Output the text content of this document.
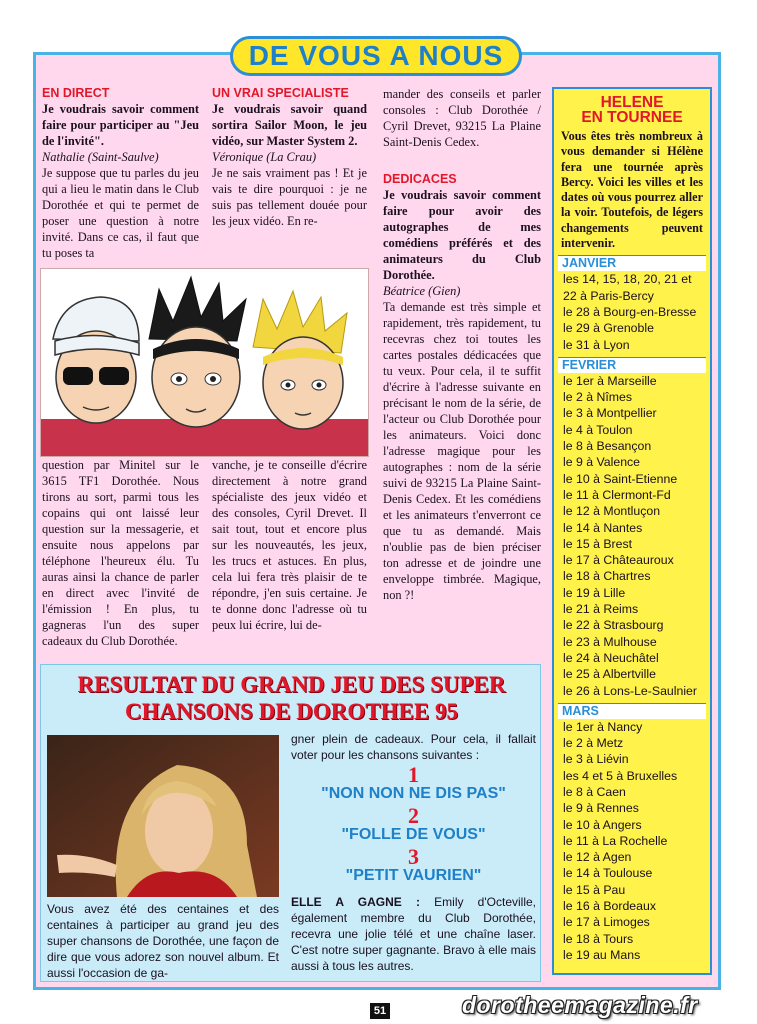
DE VOUS A NOUS

EN DIRECT

Je voudrais savoir comment faire pour participer au "Jeu de l'invité".

Nathalie (Saint-Saulve)

Je suppose que tu parles du jeu qui a lieu le matin dans le Club Dorothée et qui te permet de poser une question à notre invité. Dans ce cas, il faut que tu poses ta

UN VRAI SPECIALISTE

Je voudrais savoir quand sortira Sailor Moon, le jeu vidéo, sur Master System 2.

Véronique (La Crau)

Je ne sais vraiment pas ! Et je vais te dire pourquoi : je ne suis pas tellement douée pour les jeux vidéo. En re-

question par Minitel sur le 3615 TF1 Dorothée. Nous tirons au sort, parmi tous les copains qui ont laissé leur question sur la messagerie, et ensuite nous appelons par téléphone l'heureux élu. Tu auras ainsi la chance de parler en direct avec l'invité de l'émission ! En plus, tu gagneras l'un des super cadeaux du Club Dorothée.

vanche, je te conseille d'écrire directement à notre grand spécialiste des jeux vidéo et des consoles, Cyril Drevet. Il sait tout, tout et encore plus sur les nouveautés, les jeux, les trucs et astuces. En plus, cela lui fera très plaisir de te répondre, j'en suis certaine. Je te donne donc l'adresse où tu peux lui écrire, lui de-

mander des conseils et parler consoles : Club Dorothée / Cyril Drevet, 93215 La Plaine Saint-Denis Cedex.

DEDICACES

Je voudrais savoir comment faire pour avoir des autographes de mes comédiens préférés et des animateurs du Club Dorothée.

Béatrice (Gien)

Ta demande est très simple et rapidement, très rapidement, tu recevras chez toi toutes les cartes postales dédicacées que tu veux. Pour cela, il te suffit d'écrire à l'adresse suivante en précisant le nom de la série, de l'acteur ou Club Dorothée pour les animateurs. Voici donc l'adresse magique pour les autographes : nom de la série suivi de 93215 La Plaine Saint-Denis Cedex. Et les comédiens et les animateurs t'enverront ce que tu as demandé. Mais n'oublie pas de bien préciser ton adresse et de joindre une enveloppe timbrée. Magique, non ?!

HELENE
EN TOURNEE
Vous êtes très nombreux à vous demander si Hélène fera une tournée après Bercy. Voici les villes et les dates où vous pourrez aller la voir. Toutefois, de légers changements peuvent intervenir.
JANVIER
les 14, 15, 18, 20, 21 et
22 à Paris-Bercy
le 28 à Bourg-en-Bresse
le 29 à Grenoble
le 31 à Lyon
FEVRIER
le 1er à Marseille
le 2 à Nîmes
le 3 à Montpellier
le 4 à Toulon
le 8 à Besançon
le 9 à Valence
le 10 à Saint-Etienne
le 11 à Clermont-Fd
le 12 à Montluçon
le 14 à Nantes
le 15 à Brest
le 17 à Châteauroux
le 18 à Chartres
le 19 à Lille
le 21 à Reims
le 22 à Strasbourg
le 23 à Mulhouse
le 24 à Neuchâtel
le 25 à Albertville
le 26 à Lons-Le-Saulnier
MARS
le 1er à Nancy
le 2 à Metz
le 3 à Liévin
les 4 et 5 à Bruxelles
le 8 à Caen
le 9 à Rennes
le 10 à Angers
le 11 à La Rochelle
le 12 à Agen
le 14 à Toulouse
le 15 à Pau
le 16 à Bordeaux
le 17 à Limoges
le 18 à Tours
le 19 au Mans
RESULTAT DU GRAND JEU DES SUPER
CHANSONS DE DOROTHEE 95
Vous avez été des centaines et des centaines à participer au grand jeu des super chansons de Dorothée, une façon de dire que vous adorez son nouvel album. Et aussi l'occasion de ga-
gner plein de cadeaux. Pour cela, il fallait voter pour les chansons suivantes :
1
"NON NON NE DIS PAS"
2
"FOLLE DE VOUS"
3
"PETIT VAURIEN"
ELLE A GAGNE : Emily d'Octeville, également membre du Club Dorothée, recevra une jolie télé et une chaîne laser. C'est notre super gagnante. Bravo à elle mais aussi à tous les autres.
51	dorotheemagazine.fr
